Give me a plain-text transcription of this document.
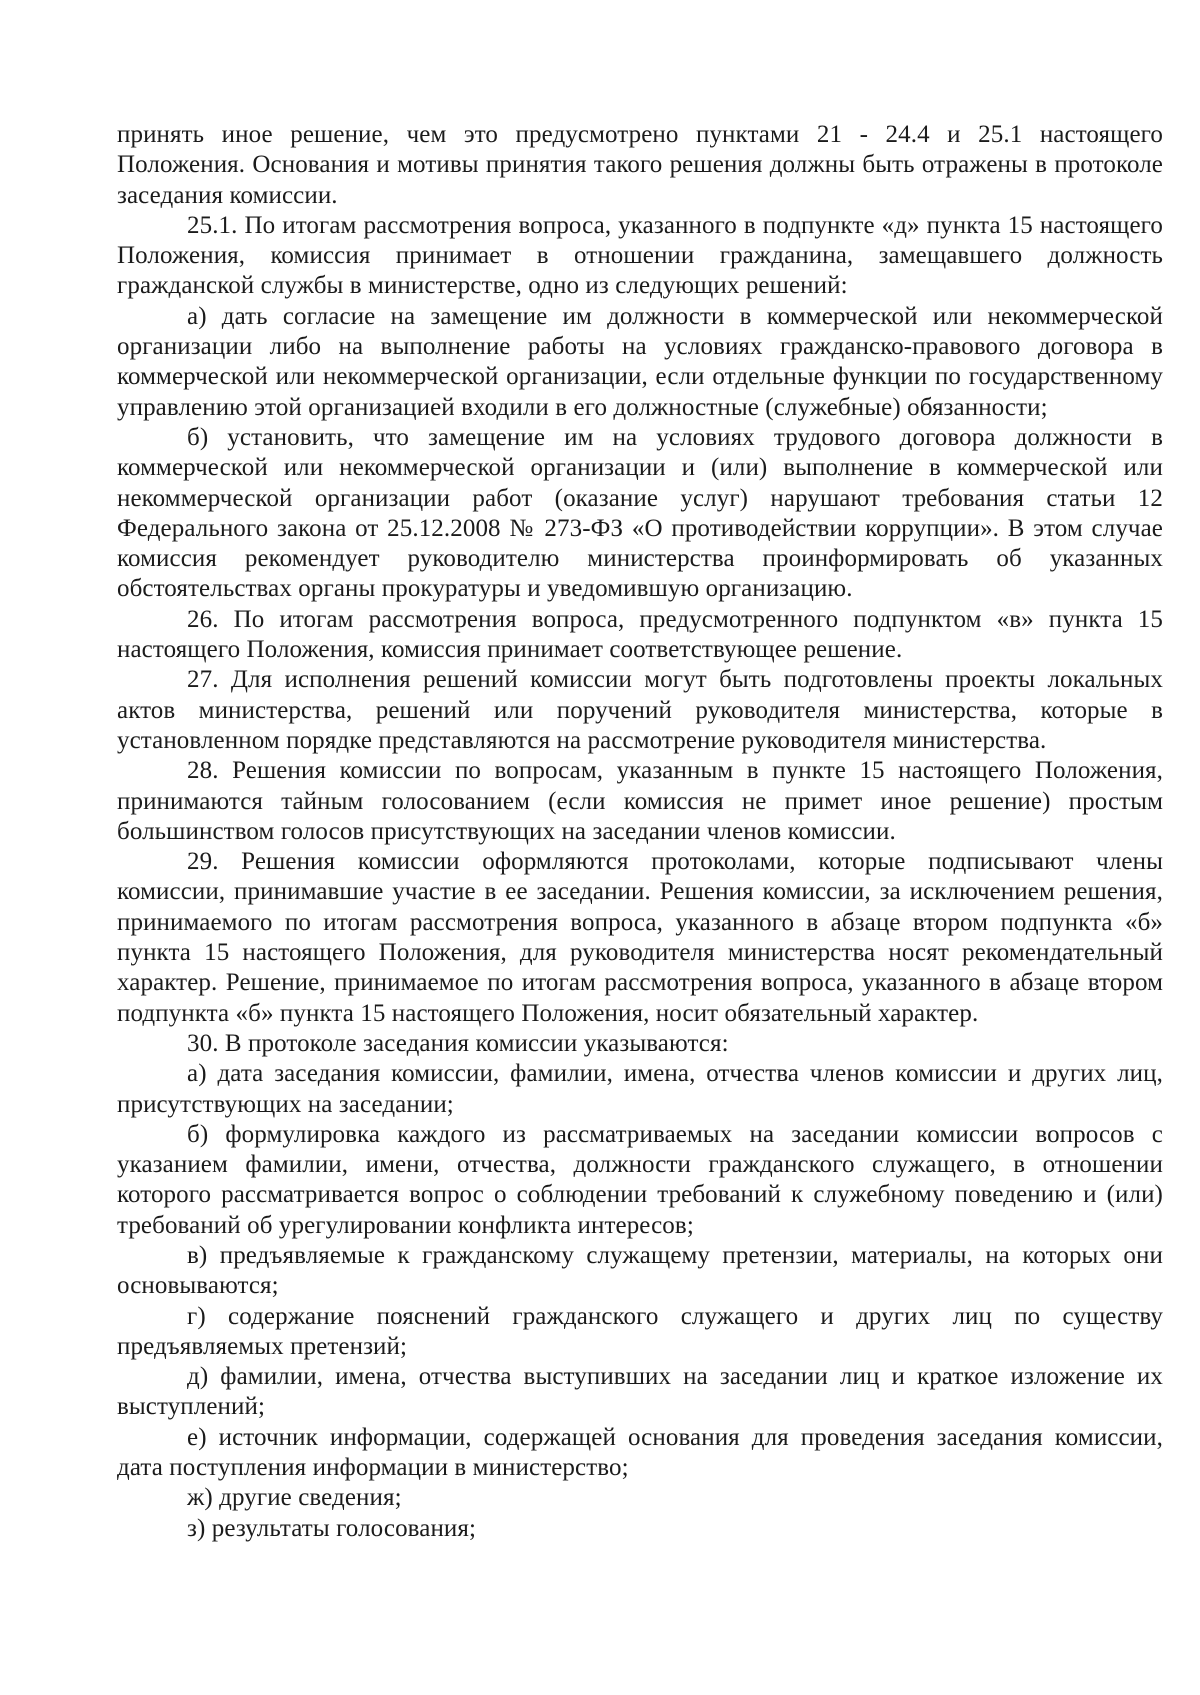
принять иное решение, чем это предусмотрено пунктами 21 - 24.4 и 25.1 настоящего Положения. Основания и мотивы принятия такого решения должны быть отражены в протоколе заседания комиссии.

25.1. По итогам рассмотрения вопроса, указанного в подпункте «д» пункта 15 настоящего Положения, комиссия принимает в отношении гражданина, замещавшего должность гражданской службы в министерстве, одно из следующих решений:

а) дать согласие на замещение им должности в коммерческой или некоммерческой организации либо на выполнение работы на условиях гражданско-правового договора в коммерческой или некоммерческой организации, если отдельные функции по государственному управлению этой организацией входили в его должностные (служебные) обязанности;

б) установить, что замещение им на условиях трудового договора должности в коммерческой или некоммерческой организации и (или) выполнение в коммерческой или некоммерческой организации работ (оказание услуг) нарушают требования статьи 12 Федерального закона от 25.12.2008 № 273-ФЗ «О противодействии коррупции». В этом случае комиссия рекомендует руководителю министерства проинформировать об указанных обстоятельствах органы прокуратуры и уведомившую организацию.

26. По итогам рассмотрения вопроса, предусмотренного подпунктом «в» пункта 15 настоящего Положения, комиссия принимает соответствующее решение.

27. Для исполнения решений комиссии могут быть подготовлены проекты локальных актов министерства, решений или поручений руководителя министерства, которые в установленном порядке представляются на рассмотрение руководителя министерства.

28. Решения комиссии по вопросам, указанным в пункте 15 настоящего Положения, принимаются тайным голосованием (если комиссия не примет иное решение) простым большинством голосов присутствующих на заседании членов комиссии.

29. Решения комиссии оформляются протоколами, которые подписывают члены комиссии, принимавшие участие в ее заседании. Решения комиссии, за исключением решения, принимаемого по итогам рассмотрения вопроса, указанного в абзаце втором подпункта «б» пункта 15 настоящего Положения, для руководителя министерства носят рекомендательный характер. Решение, принимаемое по итогам рассмотрения вопроса, указанного в абзаце втором подпункта «б» пункта 15 настоящего Положения, носит обязательный характер.

30. В протоколе заседания комиссии указываются:

а) дата заседания комиссии, фамилии, имена, отчества членов комиссии и других лиц, присутствующих на заседании;

б) формулировка каждого из рассматриваемых на заседании комиссии вопросов с указанием фамилии, имени, отчества, должности гражданского служащего, в отношении которого рассматривается вопрос о соблюдении требований к служебному поведению и (или) требований об урегулировании конфликта интересов;

в) предъявляемые к гражданскому служащему претензии, материалы, на которых они основываются;

г) содержание пояснений гражданского служащего и других лиц по существу предъявляемых претензий;

д) фамилии, имена, отчества выступивших на заседании лиц и краткое изложение их выступлений;

е) источник информации, содержащей основания для проведения заседания комиссии, дата поступления информации в министерство;

ж) другие сведения;

з) результаты голосования;
